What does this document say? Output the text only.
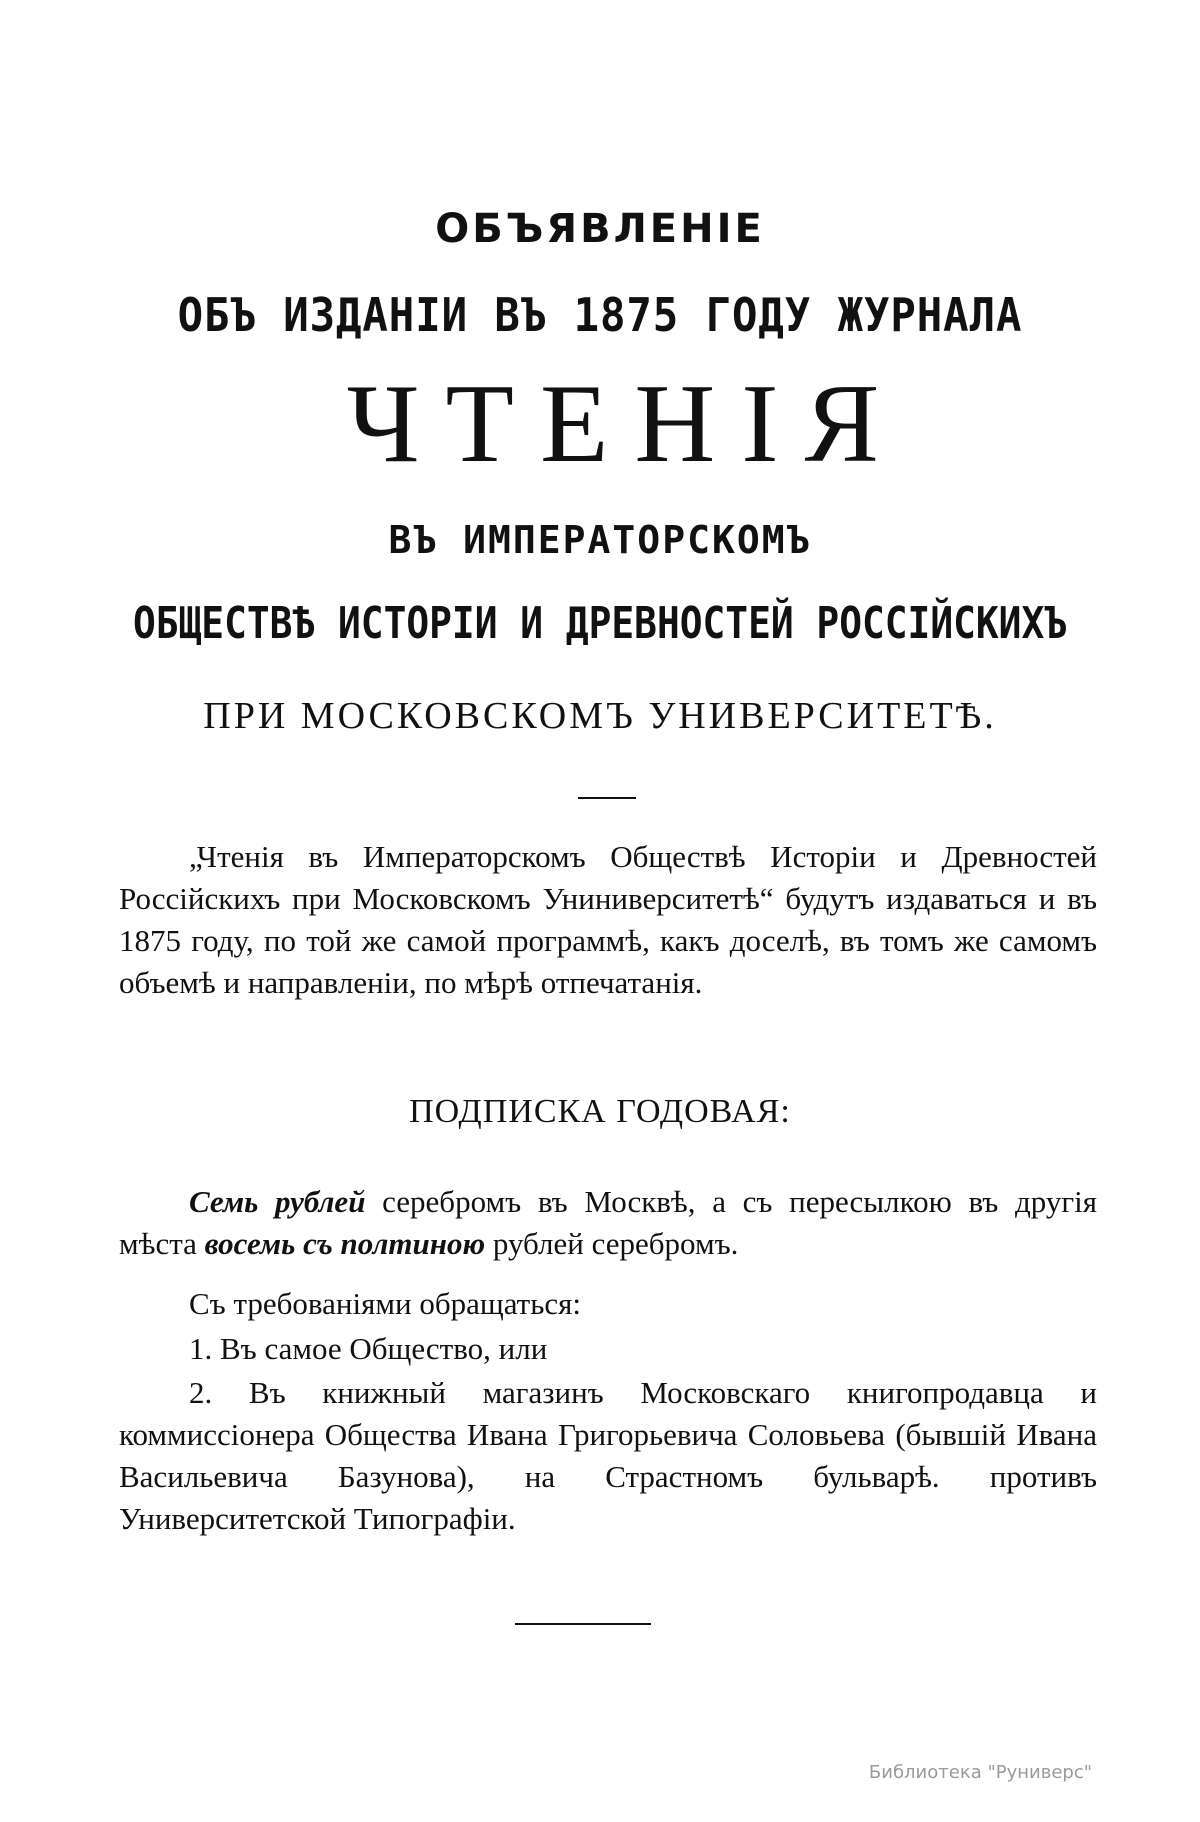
ОБЪЯВЛЕНІЕ
ОБЪ ИЗДАНІИ ВЪ 1875 ГОДУ ЖУРНАЛА
ЧТЕНІЯ
ВЪ ИМПЕРАТОРСКОМЪ
ОБЩЕСТВѢ ИСТОРІИ И ДРЕВНОСТЕЙ РОССІЙСКИХЪ
ПРИ МОСКОВСКОМЪ УНИВЕРСИТЕТѢ.

„Чтенія въ Императорскомъ Обществѣ Исторіи и Древностей Россійскихъ при Московскомъ Униниверситетѣ“ будутъ издаваться и въ 1875 году, по той же самой программѣ, какъ доселѣ, въ томъ же самомъ объемѣ и направленіи, по мѣрѣ отпечатанія.

ПОДПИСКА ГОДОВАЯ:

Семь рублей серебромъ въ Москвѣ, а съ пересылкою въ другія мѣста восемь съ полтиною рублей серебромъ.

Съ требованіями обращаться:

1. Въ самое Общество, или

2. Въ книжный магазинъ Московскаго книгопродавца и коммиссіонера Общества Ивана Григорьевича Соловьева (бывшій Ивана Васильевича Базунова), на Страстномъ бульварѣ. противъ Университетской Типографіи.

Библиотека "Руниверс"
